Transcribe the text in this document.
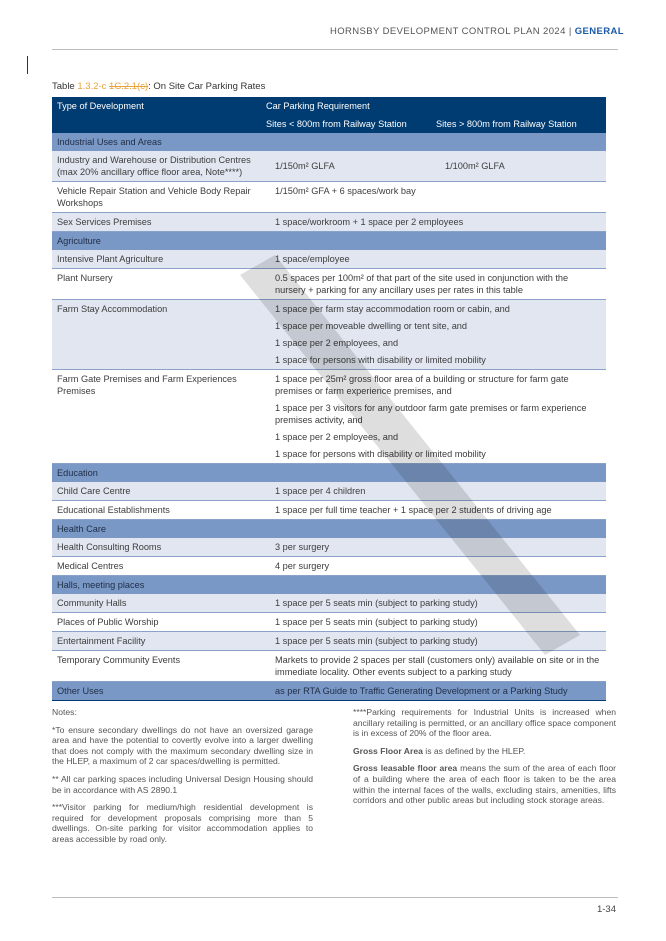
HORNSBY DEVELOPMENT CONTROL PLAN 2024 | GENERAL
Table 1.3.2-c 1C.2.1(c): On Site Car Parking Rates
Type of Development	Car Parking Requirement	
	Sites < 800m from Railway Station	Sites > 800m from Railway Station
Industrial Uses and Areas		
Industry and Warehouse or Distribution Centres (max 20% ancillary office floor area, Note****)	1/150m² GLFA	1/100m² GLFA
Vehicle Repair Station and Vehicle Body Repair Workshops	1/150m² GFA + 6 spaces/work bay	

Sex Services Premises	1 space/workroom + 1 space per 2 employees	

Agriculture		
Intensive Plant Agriculture	1 space/employee	

Plant Nursery	0.5 spaces per 100m² of that part of the site used in conjunction with the nursery + parking for any ancillary uses per rates in this table	

Farm Stay Accommodation	1 space per farm stay accommodation room or cabin, and

1 space per moveable dwelling or tent site, and

1 space per 2 employees, and

1 space for persons with disability or limited mobility	

Farm Gate Premises and Farm Experiences Premises	1 space per 25m² gross floor area of a building or structure for farm gate premises or farm experience premises, and

1 space per 3 visitors for any outdoor farm gate premises or farm experience premises activity, and

1 space per 2 employees, and

1 space for persons with disability or limited mobility	

Education		
Child Care Centre	1 space per 4 children	

Educational Establishments	1 space per full time teacher + 1 space per 2 students of driving age	

Health Care		
Health Consulting Rooms	3 per surgery	

Medical Centres	4 per surgery	

Halls, meeting places		
Community Halls	1 space per 5 seats min (subject to parking study)	

Places of Public Worship	1 space per 5 seats min (subject to parking study)	

Entertainment Facility	1 space per 5 seats min (subject to parking study)	

Temporary Community Events	Markets to provide 2 spaces per stall (customers only) available on site or in the immediate locality. Other events subject to a parking study	

Other Uses	as per RTA Guide to Traffic Generating Development or a Parking Study	

Notes:

*To ensure secondary dwellings do not have an oversized garage area and have the potential to covertly evolve into a larger dwelling that does not comply with the maximum secondary dwelling size in the HLEP, a maximum of 2 car spaces/dwelling is permitted.

** All car parking spaces including Universal Design Housing should be in accordance with AS 2890.1

***Visitor parking for medium/high residential development is required for development proposals comprising more than 5 dwellings. On-site parking for visitor accommodation applies to areas accessible by road only.

****Parking requirements for Industrial Units is increased when ancillary retailing is permitted, or an ancillary office space component is in excess of 20% of the floor area.

Gross Floor Area is as defined by the HLEP.

Gross leasable floor area means the sum of the area of each floor of a building where the area of each floor is taken to be the area within the internal faces of the walls, excluding stairs, amenities, lifts corridors and other public areas but including stock storage areas.

1-34
